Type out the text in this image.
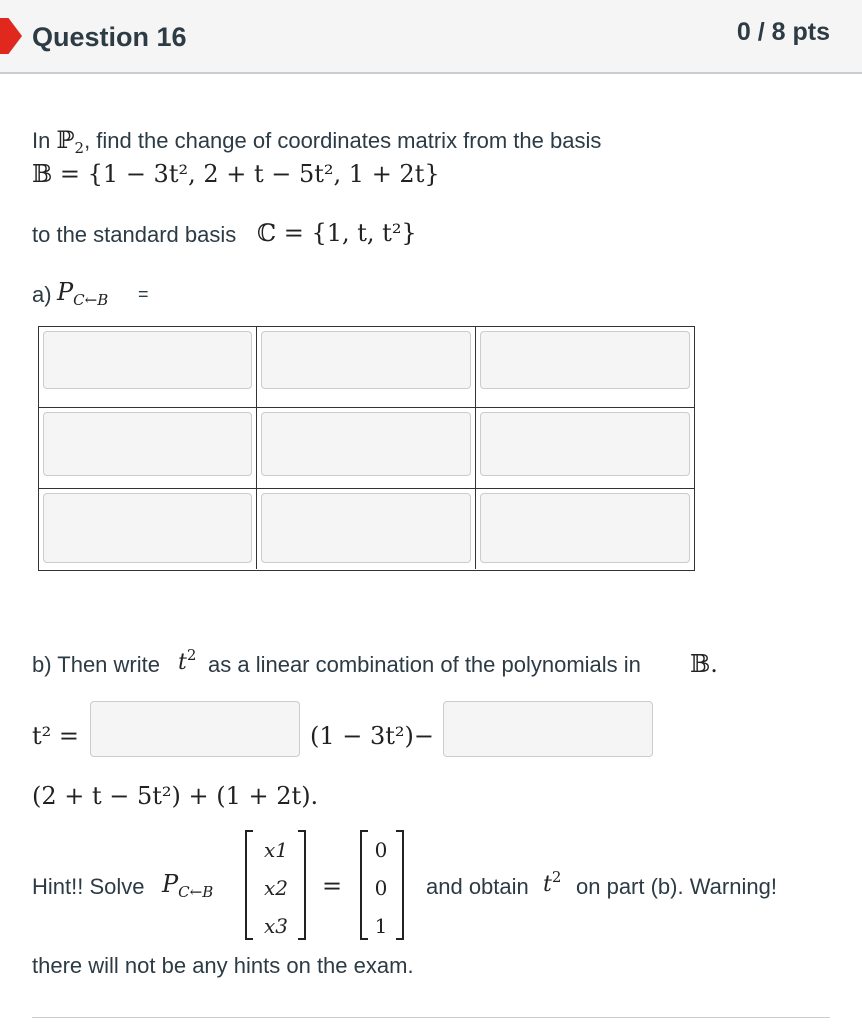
Question 16	0 / 8 pts
In ℙ$_2$, find the change of coordinates matrix from the basis
𝔹 = {1 − 3t², 2 + t − 5t², 1 + 2t}
to the standard basis ℂ = {1, t, t²}
a) $P_{C\leftarrow B}$ =
b) Then write $t^2$ as a linear combination of the polynomials in 𝔹.
t² =	(1 − 3t²)−
(2 + t − 5t²) + (1 + 2t).
Hint!! Solve $P_{C\leftarrow B}$
x1
x2
x3
=
0
0
1
and obtain $t^2$ on part (b). Warning!
there will not be any hints on the exam.
